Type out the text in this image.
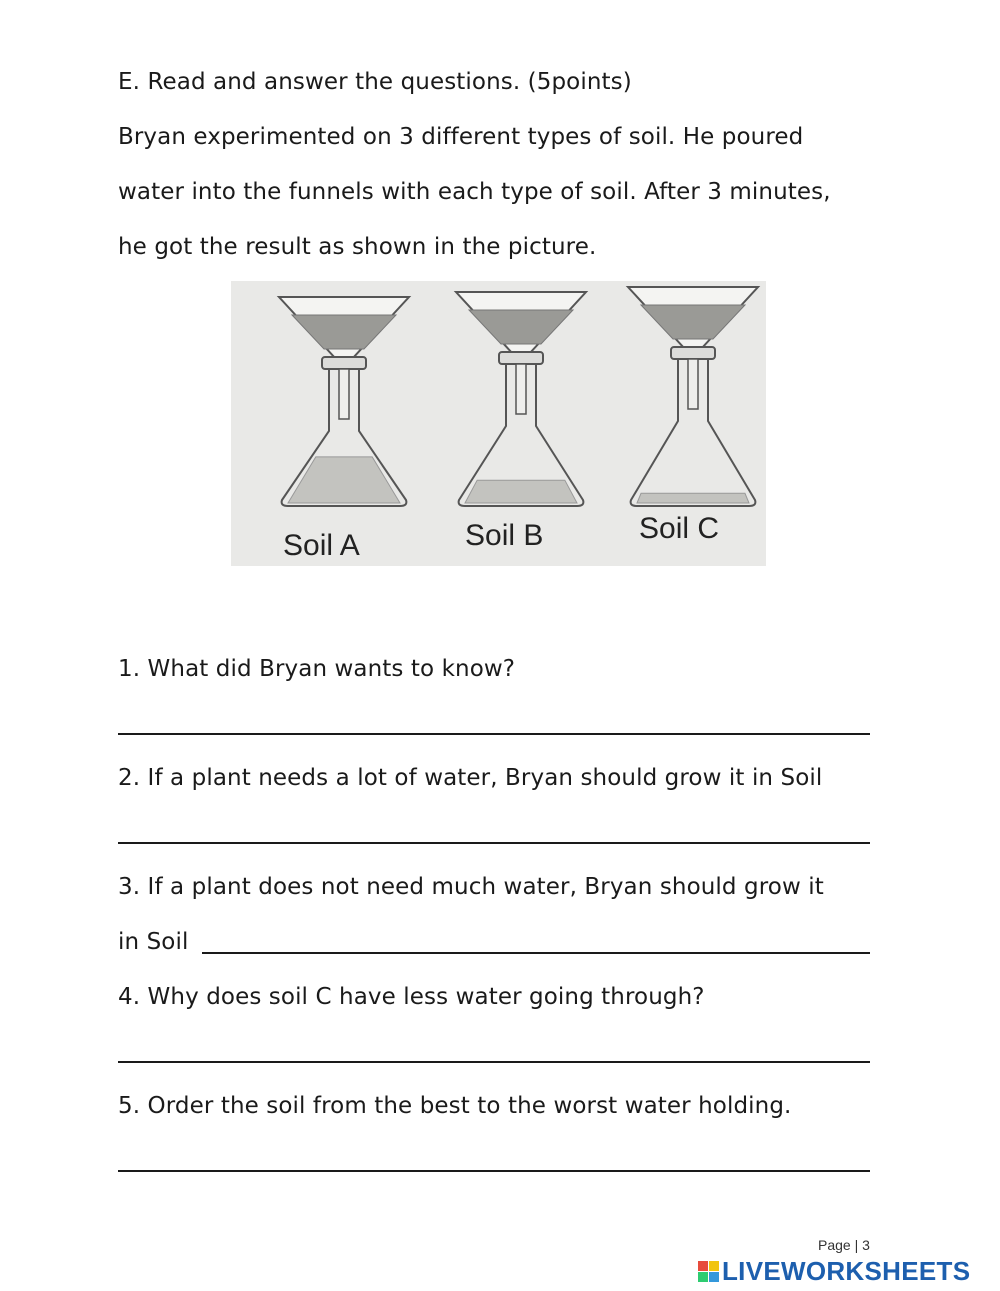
E. Read and answer the questions. (5points)
Bryan experimented on 3 different types of soil. He poured
water into the funnels with each type of soil. After 3 minutes,
he got the result as shown in the picture.
Soil A	Soil B	Soil C
1. What did Bryan wants to know?
2. If a plant needs a lot of water, Bryan should grow it in Soil
3. If a plant does not need much water, Bryan should grow it
in Soil
4. Why does soil C have less water going through?
5. Order the soil from the best to the worst water holding.
Page | 3
LIVEWORKSHEETS
